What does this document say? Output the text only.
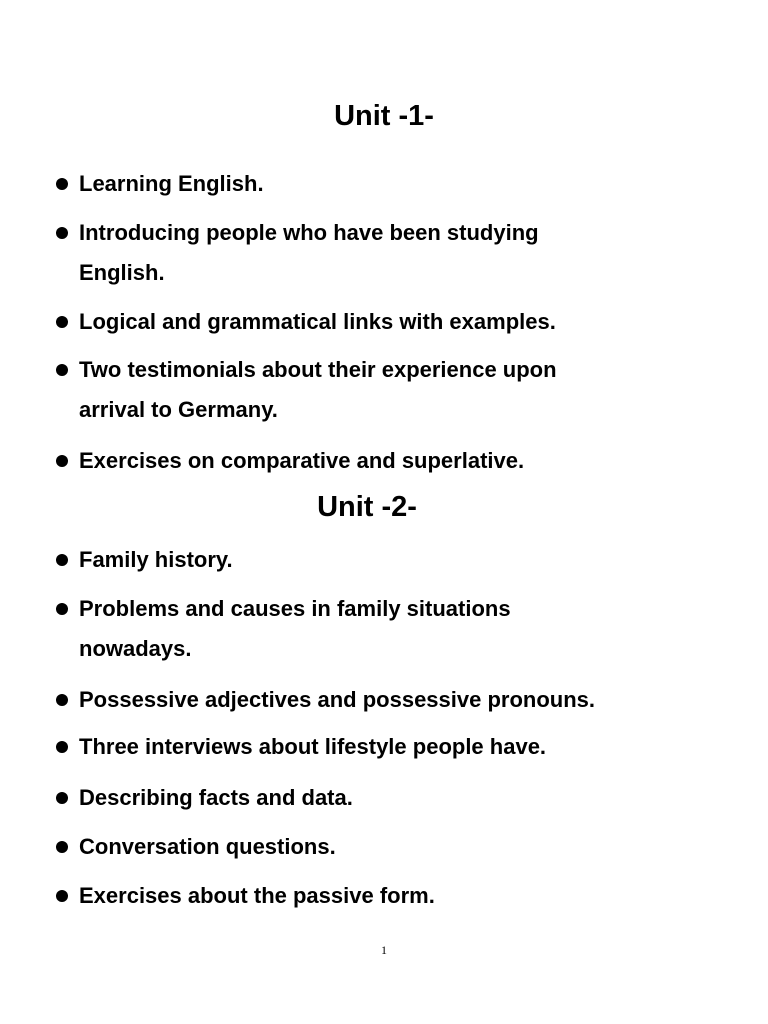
Unit -1-
Learning English.
Introducing people who have been studying
English.
Logical and grammatical links with examples.
Two testimonials about their experience upon
arrival to Germany.
Exercises on comparative and superlative.
Unit -2-
Family history.
Problems and causes in family situations
nowadays.
Possessive adjectives and possessive pronouns.
Three interviews about lifestyle people have.
Describing facts and data.
Conversation questions.
Exercises about the passive form.
1
